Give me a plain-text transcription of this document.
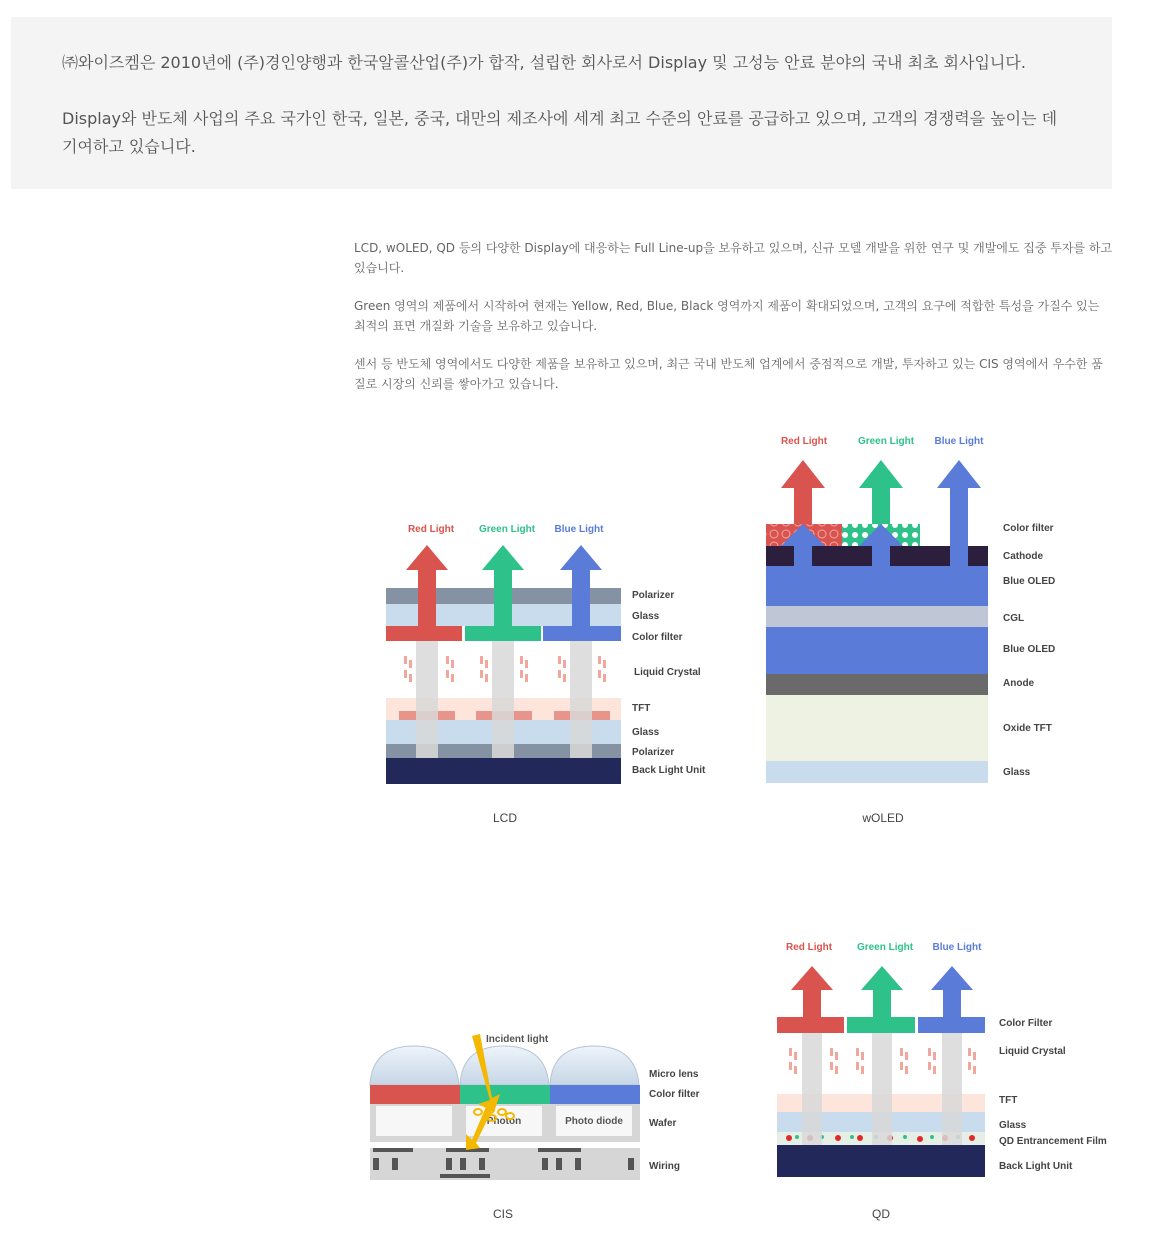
㈜와이즈켐은 2010년에 (주)경인양행과 한국알콜산업(주)가 합작, 설립한 회사로서 Display 및 고성능 안료 분야의 국내 최초 회사입니다.

Display와 반도체 사업의 주요 국가인 한국, 일본, 중국, 대만의 제조사에 세계 최고 수준의 안료를 공급하고 있으며, 고객의 경쟁력을 높이는 데 기여하고 있습니다.

LCD, wOLED, QD 등의 다양한 Display에 대응하는 Full Line-up을 보유하고 있으며, 신규 모델 개발을 위한 연구 및 개발에도 집중 투자를 하고 있습니다.

Green 영역의 제품에서 시작하여 현재는 Yellow, Red, Blue, Black 영역까지 제품이 확대되었으며, 고객의 요구에 적합한 특성을 가질수 있는 최적의 표면 개질화 기술을 보유하고 있습니다.

센서 등 반도체 영역에서도 다양한 제품을 보유하고 있으며, 최근 국내 반도체 업계에서 중점적으로 개발, 투자하고 있는 CIS 영역에서 우수한 품질로 시장의 신뢰를 쌓아가고 있습니다.

Red Light Green Light Blue Light
Polarizer
Glass
Color filter
Liquid Crystal
TFT
Glass
Polarizer
Back Light Unit
LCD
Red Light	Green Light Blue Light
Color filter
Cathode
Blue OLED
CGL
Blue OLED
Anode
Oxide TFT
Glass
wOLED
Photon	Photo diode
Incident light
Micro lens
Color filter
Wafer
Wiring
CIS
Red Light Green Light Blue Light
Color Filter
Liquid Crystal
TFT
Glass
QD Entrancement Film
Back Light Unit
QD
